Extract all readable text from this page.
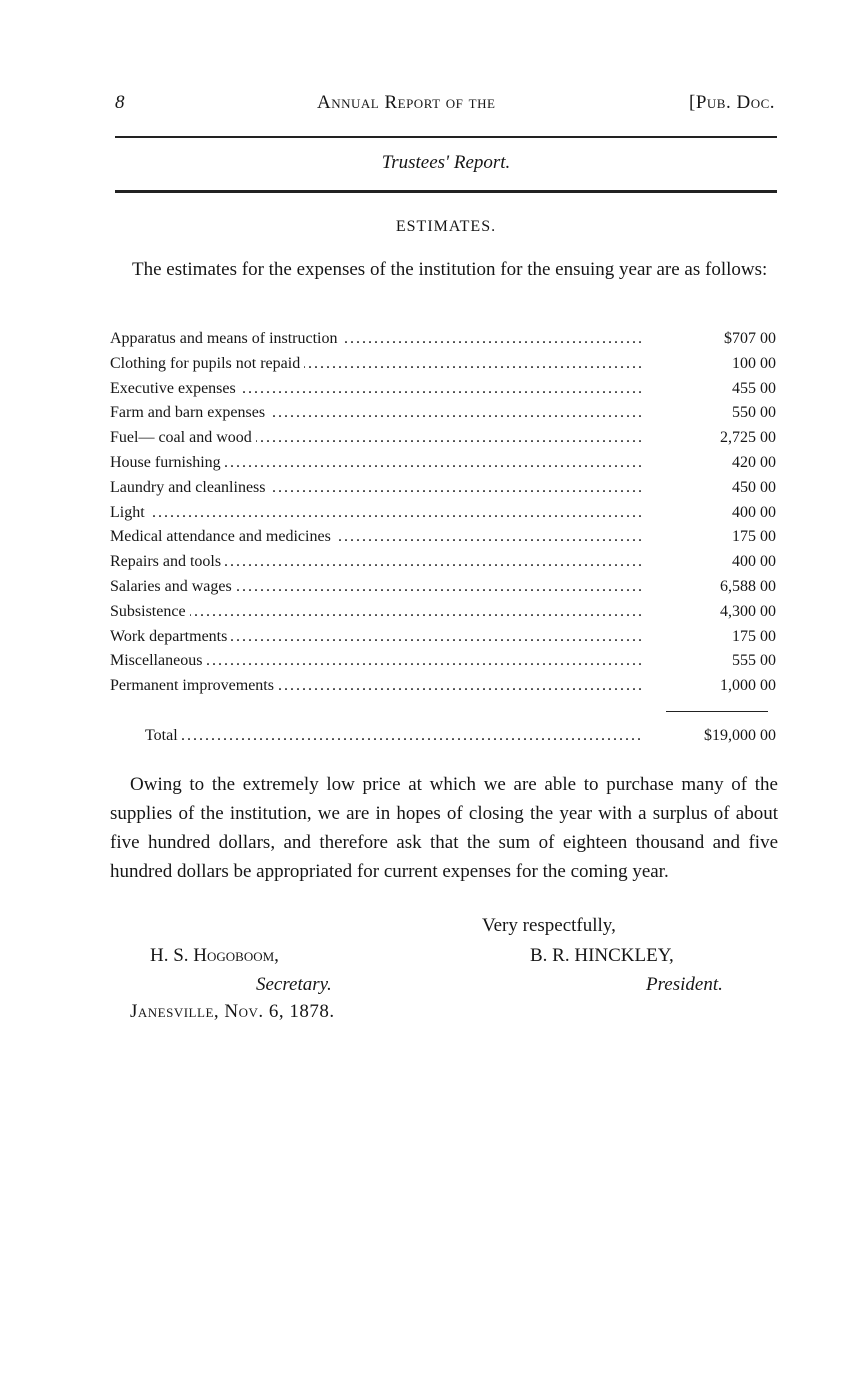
8	Annual Report of the	[Pub. Doc.
Trustees' Report.
ESTIMATES.

The estimates for the expenses of the institution for the ensuing year are as follows:

Apparatus and means of instruction . . .	$707 00
Clothing for pupils not repaid . . .	100 00
Executive expenses . . .	455 00
Farm and barn expenses . . .	550 00
Fuel— coal and wood . . .	2,725 00
House furnishing . . .	420 00
Laundry and cleanliness . . .	450 00
Light . . .	400 00
Medical attendance and medicines . . .	175 00
Repairs and tools . . .	400 00
Salaries and wages . . .	6,588 00
Subsistence . . .	4,300 00
Work departments . . .	175 00
Miscellaneous . . .	555 00
Permanent improvements . . .	1,000 00
Total . . .	$19,000 00

Owing to the extremely low price at which we are able to purchase many of the supplies of the institution, we are in hopes of closing the year with a surplus of about five hundred dollars, and therefore ask that the sum of eighteen thousand and five hundred dollars be appropriated for current expenses for the coming year.

Very respectfully,
H. S. Hogoboom,	B. R. HINCKLEY,
Secretary.	President.
Janesville, Nov. 6, 1878.
